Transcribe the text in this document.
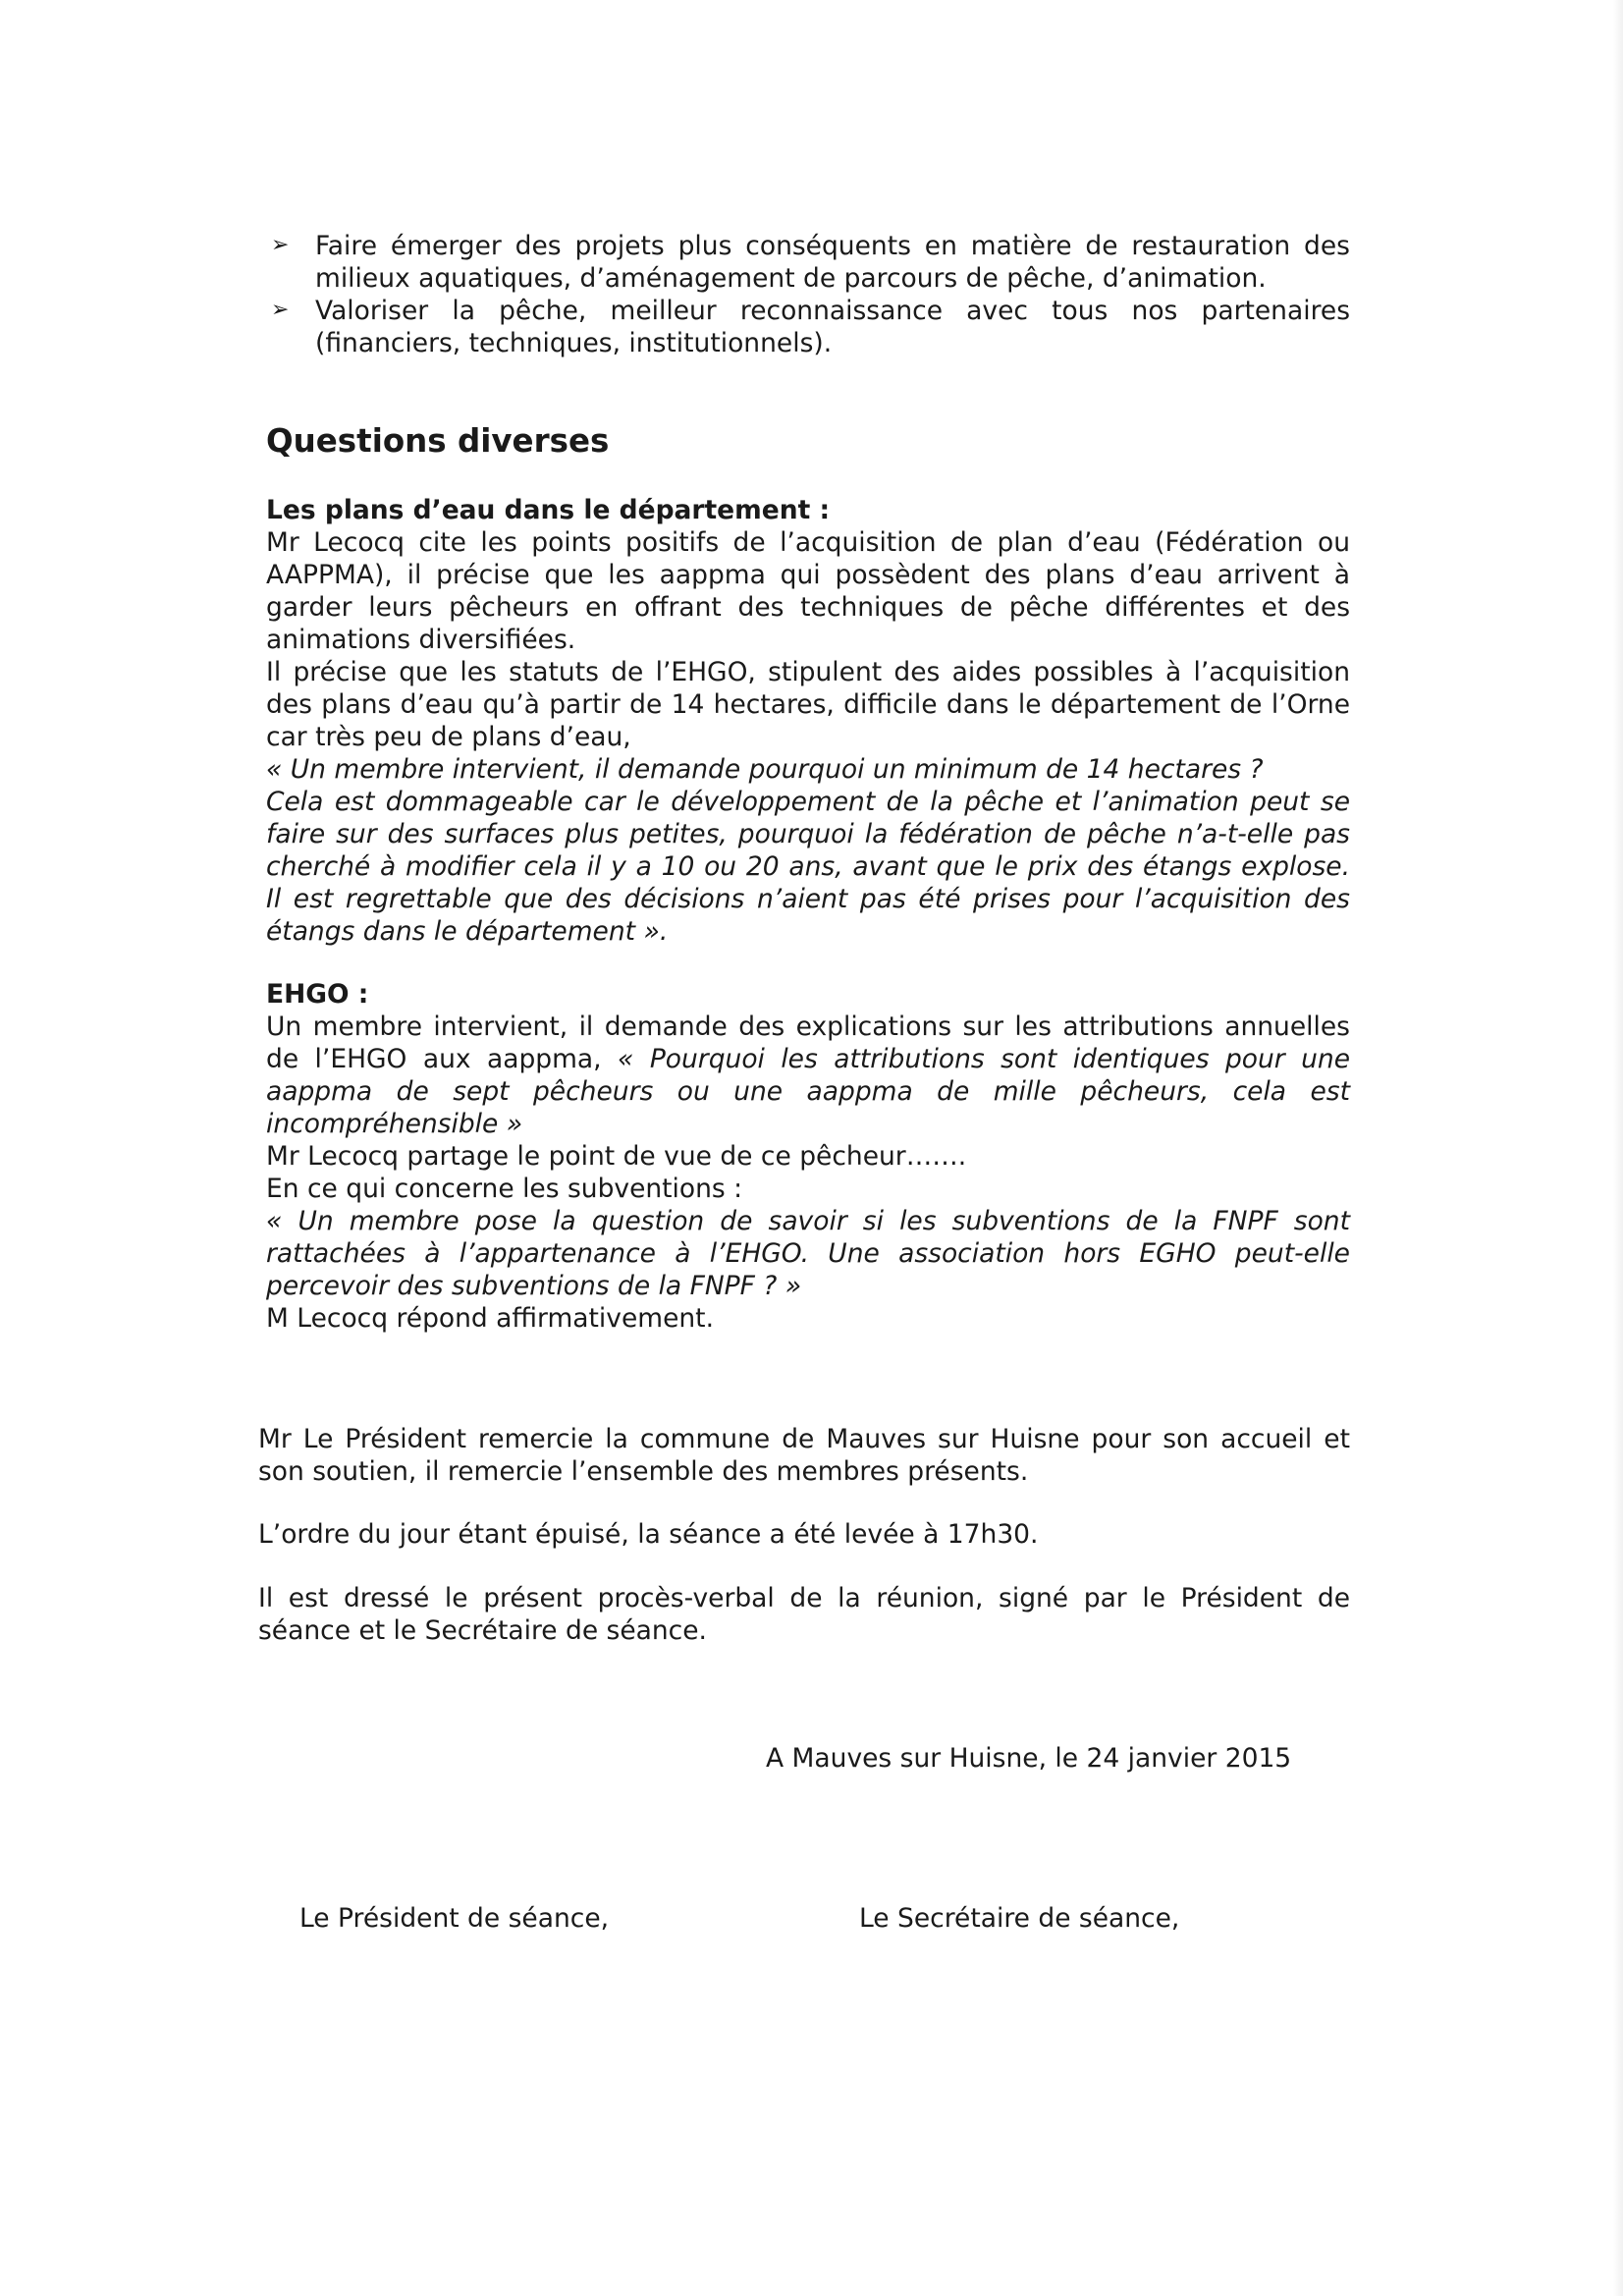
➢ Faire émerger des projets plus conséquents en matière de restauration des milieux aquatiques, d’aménagement de parcours de pêche, d’animation.
➢ Valoriser la pêche, meilleur reconnaissance avec tous nos partenaires (financiers, techniques, institutionnels).
Questions diverses

Les plans d’eau dans le département :

Mr Lecocq cite les points positifs de l’acquisition de plan d’eau (Fédération ou AAPPMA), il précise que les aappma qui possèdent des plans d’eau arrivent à garder leurs pêcheurs en offrant des techniques de pêche différentes et des animations diversifiées.

Il précise que les statuts de l’EHGO, stipulent des aides possibles à l’acquisition des plans d’eau qu’à partir de 14 hectares, difficile dans le département de l’Orne car très peu de plans d’eau,

« Un membre intervient, il demande pourquoi un minimum de 14 hectares ?

Cela est dommageable car le développement de la pêche et l’animation peut se faire sur des surfaces plus petites, pourquoi la fédération de pêche n’a-t-elle pas cherché à modifier cela il y a 10 ou 20 ans, avant que le prix des étangs explose. Il est regrettable que des décisions n’aient pas été prises pour l’acquisition des étangs dans le département ».

EHGO :

Un membre intervient, il demande des explications sur les attributions annuelles de l’EHGO aux aappma, « Pourquoi les attributions sont identiques pour une aappma de sept pêcheurs ou une aappma de mille pêcheurs, cela est incompréhensible »

Mr Lecocq partage le point de vue de ce pêcheur…….

En ce qui concerne les subventions :

« Un membre pose la question de savoir si les subventions de la FNPF sont rattachées à l’appartenance à l’EHGO. Une association hors EGHO peut-elle percevoir des subventions de la FNPF ? »

M Lecocq répond affirmativement.

Mr Le Président remercie la commune de Mauves sur Huisne pour son accueil et son soutien, il remercie l’ensemble des membres présents.

L’ordre du jour étant épuisé, la séance a été levée à 17h30.

Il est dressé le présent procès-verbal de la réunion, signé par le Président de séance et le Secrétaire de séance.

A Mauves sur Huisne, le 24 janvier 2015
Le Président de séance,	Le Secrétaire de séance,
